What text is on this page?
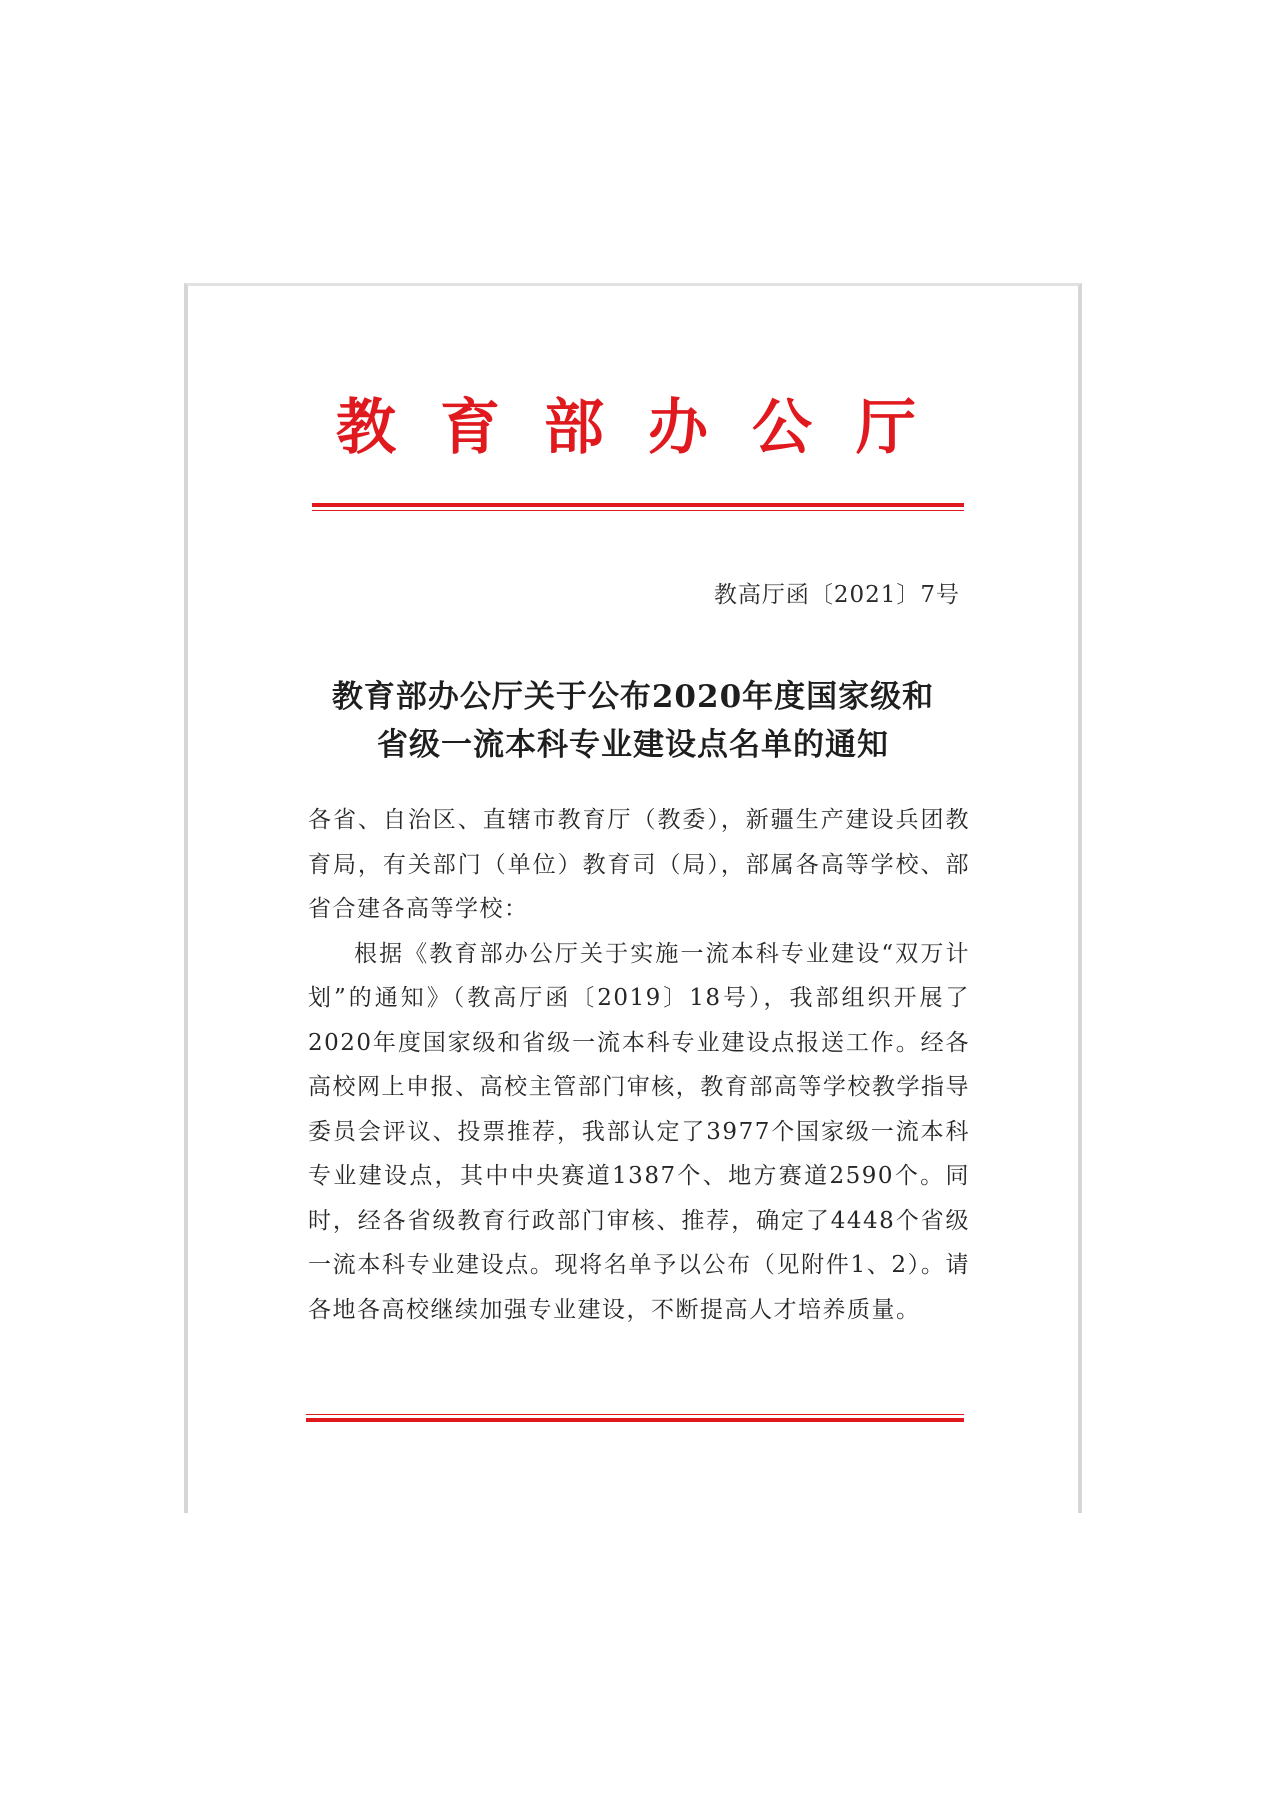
教育部办公厅
教高厅函〔2021〕7号
教育部办公厅关于公布2020年度国家级和
省级一流本科专业建设点名单的通知

各省、自治区、直辖市教育厅（教委），新疆生产建设兵团教育局，有关部门（单位）教育司（局），部属各高等学校、部省合建各高等学校：

根据《教育部办公厅关于实施一流本科专业建设“双万计划”的通知》（教高厅函〔2019〕18号），我部组织开展了2020年度国家级和省级一流本科专业建设点报送工作。经各高校网上申报、高校主管部门审核，教育部高等学校教学指导委员会评议、投票推荐，我部认定了3977个国家级一流本科专业建设点，其中中央赛道1387个、地方赛道2590个。同时，经各省级教育行政部门审核、推荐，确定了4448个省级一流本科专业建设点。现将名单予以公布（见附件1、2）。请各地各高校继续加强专业建设，不断提高人才培养质量。
